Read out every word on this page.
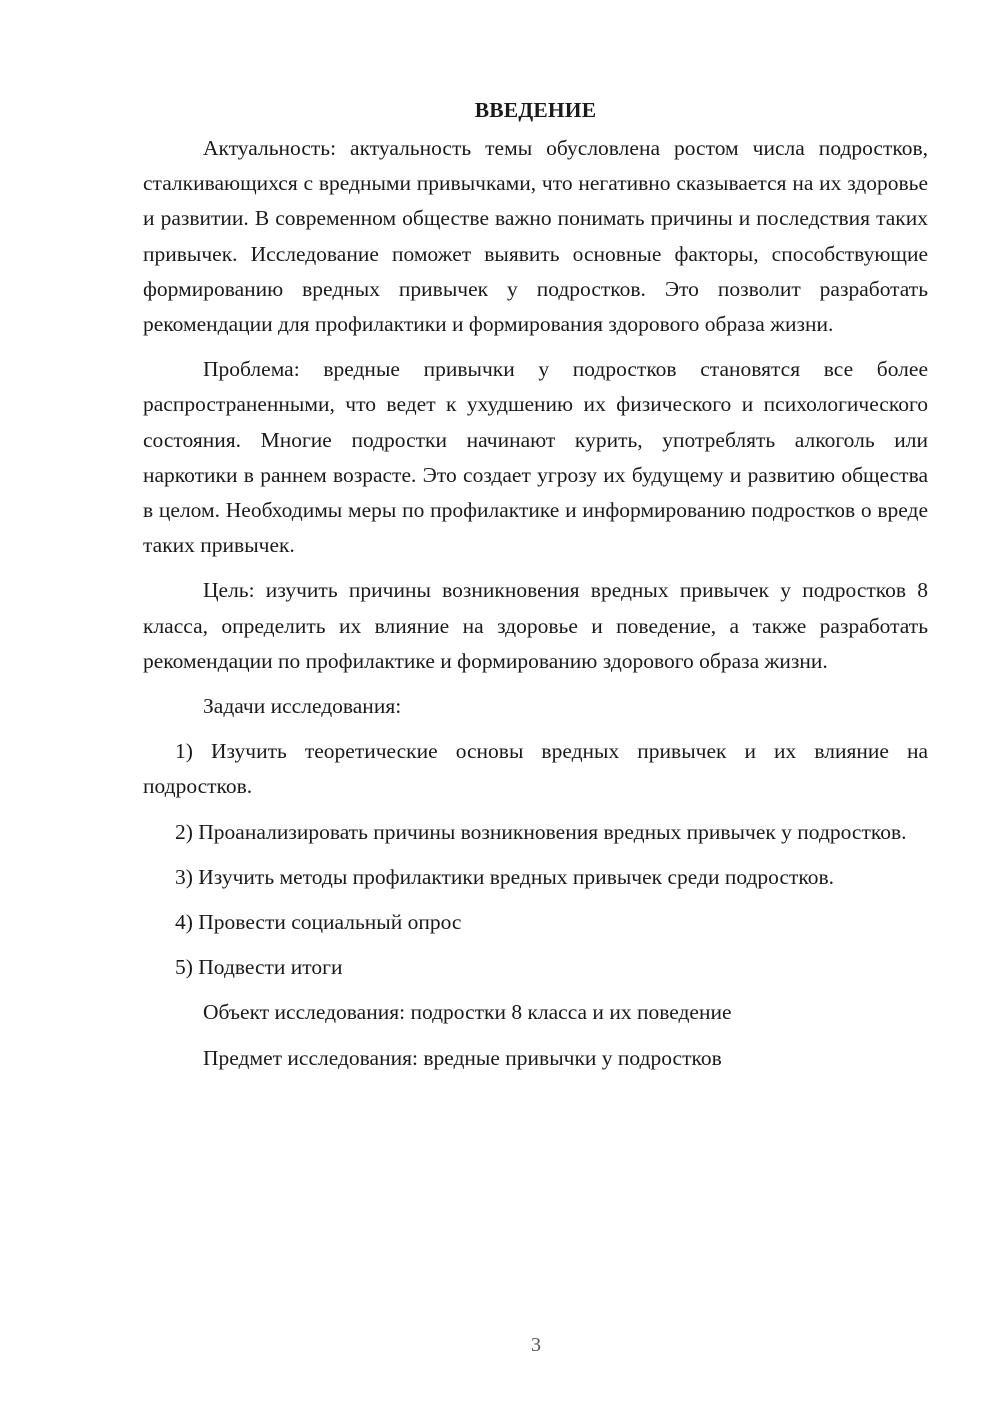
ВВЕДЕНИЕ

Актуальность: актуальность темы обусловлена ростом числа подростков, сталкивающихся с вредными привычками, что негативно сказывается на их здоровье и развитии. В современном обществе важно понимать причины и последствия таких привычек. Исследование поможет выявить основные факторы, способствующие формированию вредных привычек у подростков. Это позволит разработать рекомендации для профилактики и формирования здорового образа жизни.

Проблема: вредные привычки у подростков становятся все более распространенными, что ведет к ухудшению их физического и психологического состояния. Многие подростки начинают курить, употреблять алкоголь или наркотики в раннем возрасте. Это создает угрозу их будущему и развитию общества в целом. Необходимы меры по профилактике и информированию подростков о вреде таких привычек.

Цель: изучить причины возникновения вредных привычек у подростков 8 класса, определить их влияние на здоровье и поведение, а также разработать рекомендации по профилактике и формированию здорового образа жизни.

Задачи исследования:

1) Изучить теоретические основы вредных привычек и их влияние на подростков.

2) Проанализировать причины возникновения вредных привычек у подростков.

3) Изучить методы профилактики вредных привычек среди подростков.

4) Провести социальный опрос

5) Подвести итоги

Объект исследования: подростки 8 класса и их поведение

Предмет исследования: вредные привычки у подростков

3
